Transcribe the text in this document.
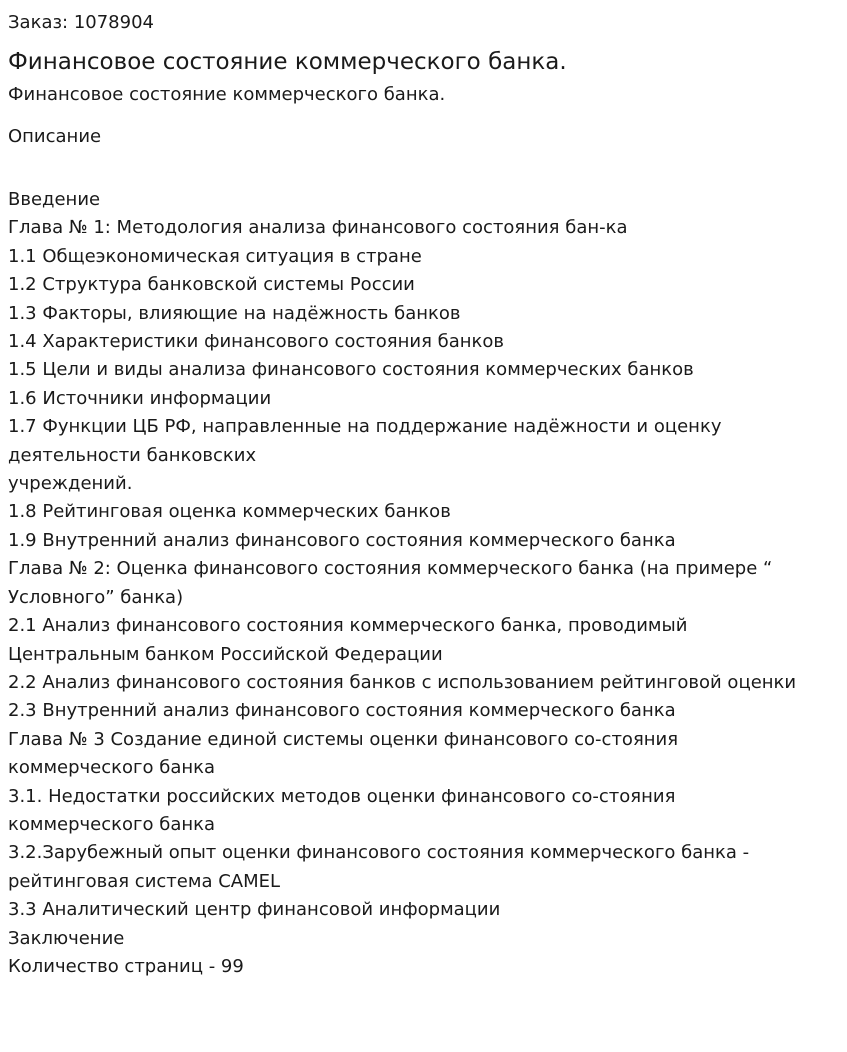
Заказ: 1078904
Финансовое состояние коммерческого банка.
Финансовое состояние коммерческого банка.
Описание
Введение
Глава № 1: Методология анализа финансового состояния бан-ка
1.1 Общеэкономическая ситуация в стране
1.2 Структура банковской системы России
1.3 Факторы, влияющие на надёжность банков
1.4 Характеристики финансового состояния банков
1.5 Цели и виды анализа финансового состояния коммерческих банков
1.6 Источники информации
1.7 Функции ЦБ РФ, направленные на поддержание надёжности и оценку деятельности банковских
учреждений.
1.8 Рейтинговая оценка коммерческих банков
1.9 Внутренний анализ финансового состояния коммерческого банка
Глава № 2: Оценка финансового состояния коммерческого банка (на примере “ Условного” банка)
2.1 Анализ финансового состояния коммерческого банка, проводимый Центральным банком Российской Федерации
2.2 Анализ финансового состояния банков с использованием рейтинговой оценки
2.3 Внутренний анализ финансового состояния коммерческого банка
Глава № 3 Создание единой системы оценки финансового со-стояния коммерческого банка
3.1. Недостатки российских методов оценки финансового со-стояния коммерческого банка
3.2.Зарубежный опыт оценки финансового состояния коммерческого банка - рейтинговая система CAMEL
3.3 Аналитический центр финансовой информации
Заключение
Количество страниц - 99
